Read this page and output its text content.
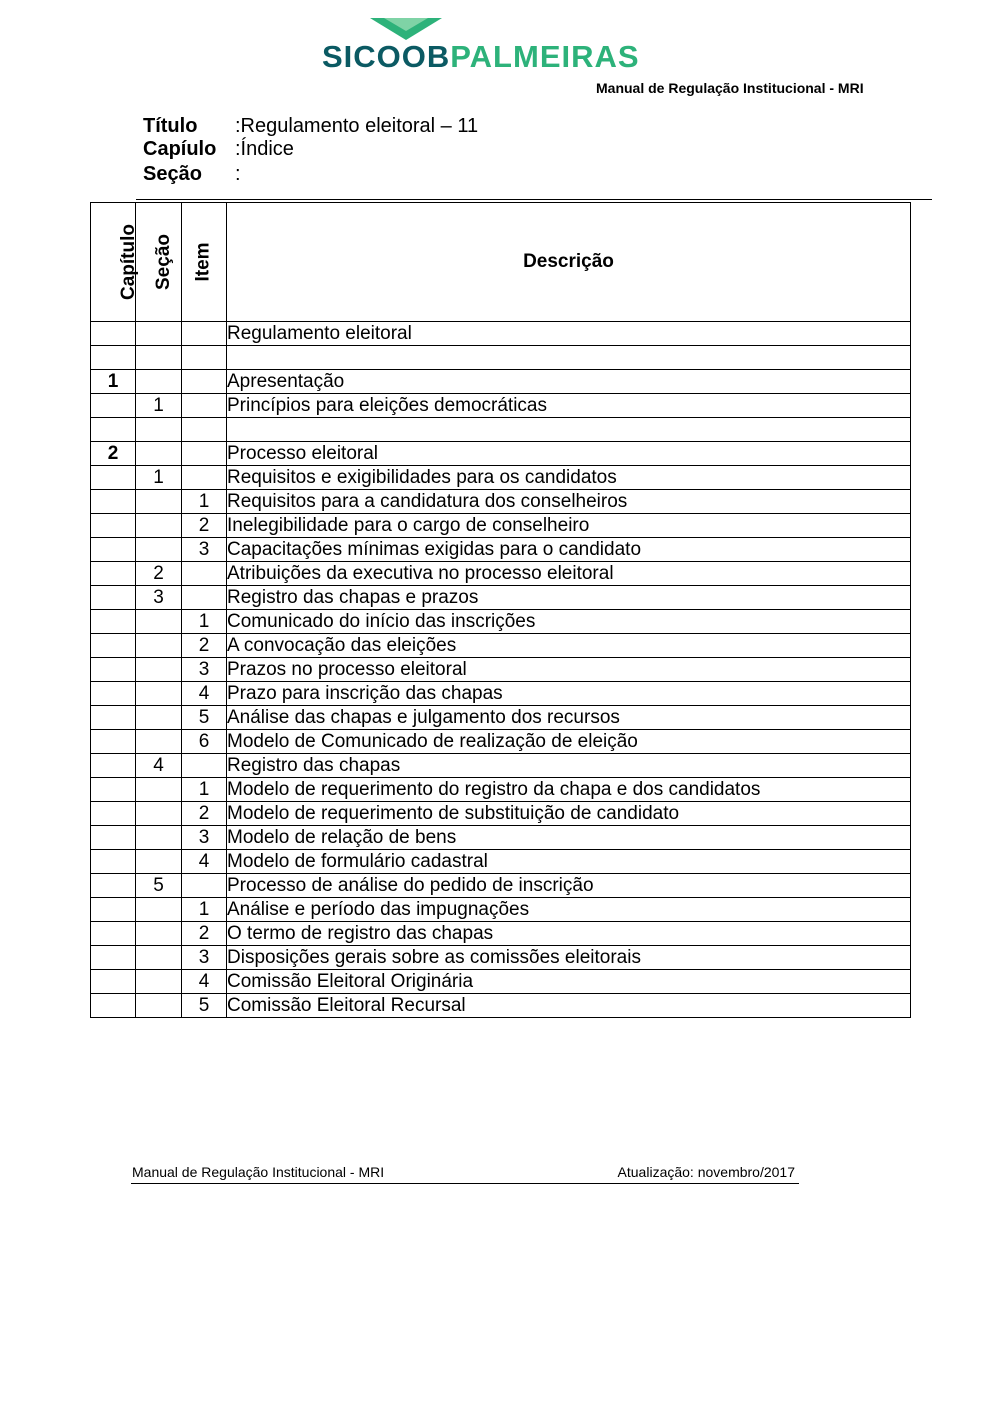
SICOOBPALMEIRAS
Manual de Regulação Institucional - MRI
Título :Regulamento eleitoral – 11
Capíulo :Índice
Seção :
Capítulo	Seção	Item	Descrição
			Regulamento eleitoral

1			Apresentação
	1		Princípios para eleições democráticas

2			Processo eleitoral
	1		Requisitos e exigibilidades para os candidatos
		1	Requisitos para a candidatura dos conselheiros
		2	Inelegibilidade para o cargo de conselheiro
		3	Capacitações mínimas exigidas para o candidato
	2		Atribuições da executiva no processo eleitoral
	3		Registro das chapas e prazos
		1	Comunicado do início das inscrições
		2	A convocação das eleições
		3	Prazos no processo eleitoral
		4	Prazo para inscrição das chapas
		5	Análise das chapas e julgamento dos recursos
		6	Modelo de Comunicado de realização de eleição
	4		Registro das chapas
		1	Modelo de requerimento do registro da chapa e dos candidatos
		2	Modelo de requerimento de substituição de candidato
		3	Modelo de relação de bens
		4	Modelo de formulário cadastral
	5		Processo de análise do pedido de inscrição
		1	Análise e período das impugnações
		2	O termo de registro das chapas
		3	Disposições gerais sobre as comissões eleitorais
		4	Comissão Eleitoral Originária
		5	Comissão Eleitoral Recursal
Manual de Regulação Institucional - MRI	Atualização: novembro/2017
